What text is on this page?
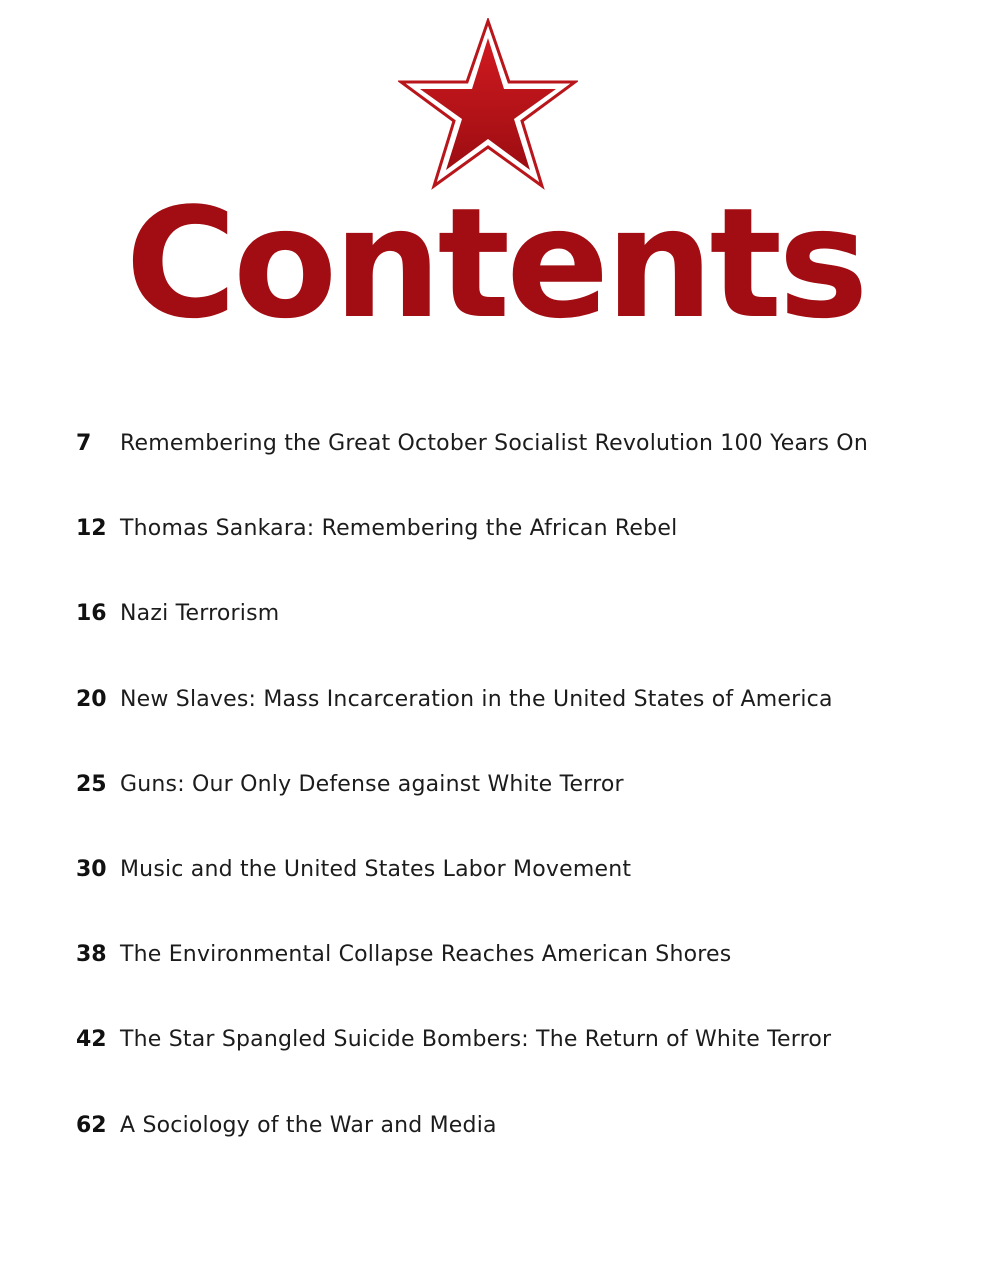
Contents
7	Remembering the Great October Socialist Revolution 100 Years On
12 Thomas Sankara: Remembering the African Rebel
16 Nazi Terrorism
20 New Slaves: Mass Incarceration in the United States of America
25 Guns: Our Only Defense against White Terror
30 Music and the United States Labor Movement
38 The Environmental Collapse Reaches American Shores
42 The Star Spangled Suicide Bombers: The Return of White Terror
62 A Sociology of the War and Media
